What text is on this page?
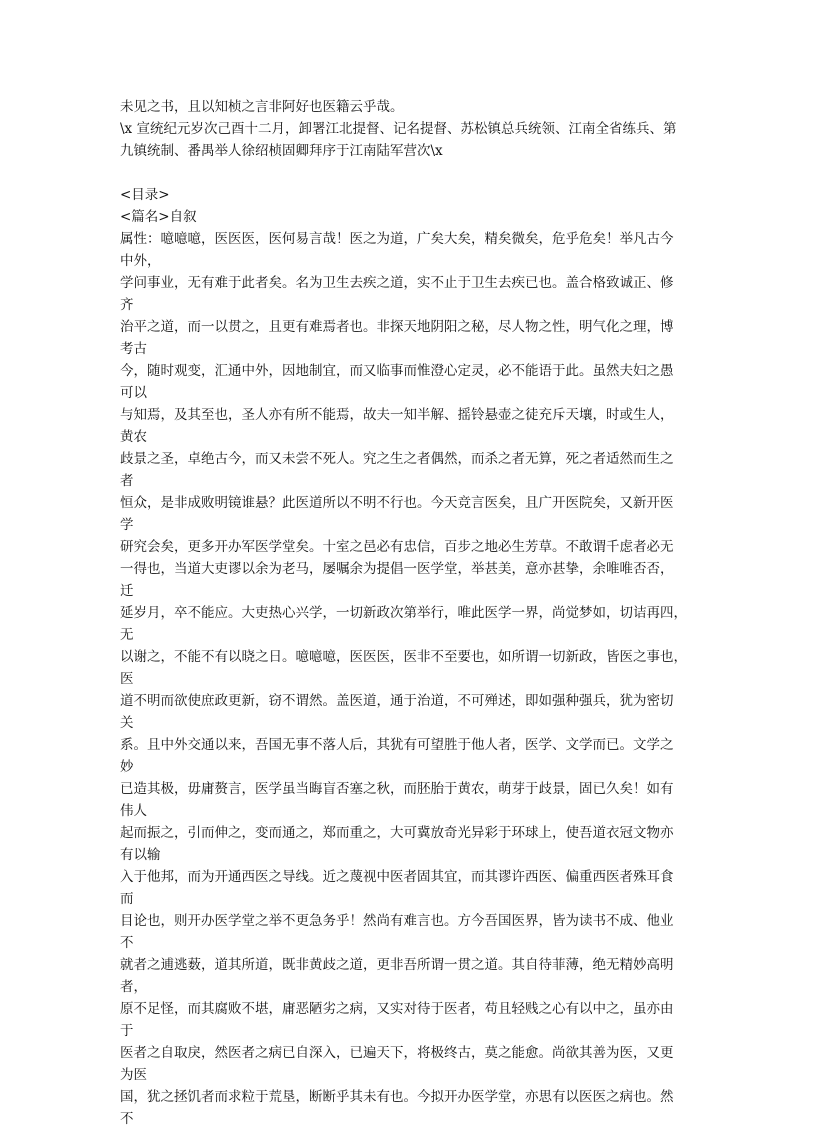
未见之书，且以知桢之言非阿好也医籍云乎哉。
\x 宣统纪元岁次己酉十二月，卸署江北提督、记名提督、苏松镇总兵统领、江南全省练兵、第
九镇统制、番禺举人徐绍桢固卿拜序于江南陆军营次\x
<目录>
<篇名>自叙
属性：噫噫噫，医医医，医何易言哉！医之为道，广矣大矣，精矣微矣，危乎危矣！举凡古今
中外，
学问事业，无有难于此者矣。名为卫生去疾之道，实不止于卫生去疾已也。盖合格致诚正、修
齐
治平之道，而一以贯之，且更有难焉者也。非探天地阴阳之秘，尽人物之性，明气化之理，博
考古
今，随时观变，汇通中外，因地制宜，而又临事而惟澄心定灵，必不能语于此。虽然夫妇之愚
可以
与知焉，及其至也，圣人亦有所不能焉，故夫一知半解、摇铃悬壶之徒充斥天壤，时或生人，
黄农
歧景之圣，卓绝古今，而又未尝不死人。究之生之者偶然，而杀之者无算，死之者适然而生之
者
恒众，是非成败明镜谁悬？此医道所以不明不行也。今天竞言医矣，且广开医院矣，又新开医
学
研究会矣，更多开办军医学堂矣。十室之邑必有忠信，百步之地必生芳草。不敢谓千虑者必无
一得也，当道大吏谬以余为老马，屡嘱余为提倡一医学堂，举甚美，意亦甚挚，余唯唯否否，
迁
延岁月，卒不能应。大吏热心兴学，一切新政次第举行，唯此医学一界，尚觉梦如，切诘再四，
无
以谢之，不能不有以晓之日。噫噫噫，医医医，医非不至要也，如所谓一切新政，皆医之事也，
医
道不明而欲使庶政更新，窃不谓然。盖医道，通于治道，不可殚述，即如强种强兵，犹为密切
关
系。且中外交通以来，吾国无事不落人后，其犹有可望胜于他人者，医学、文学而已。文学之
妙
已造其极，毋庸赘言，医学虽当晦盲否塞之秋，而胚胎于黄农，萌芽于歧景，固已久矣！如有
伟人
起而振之，引而伸之，变而通之，郑而重之，大可冀放奇光异彩于环球上，使吾道衣冠文物亦
有以输
入于他邦，而为开通西医之导线。近之蔑视中医者固其宜，而其谬许西医、偏重西医者殊耳食
而
目论也，则开办医学堂之举不更急务乎！然尚有难言也。方今吾国医界，皆为读书不成、他业
不
就者之逋逃薮，道其所道，既非黄歧之道，更非吾所谓一贯之道。其自待菲薄，绝无精妙高明
者，
原不足怪，而其腐败不堪，庸恶陋劣之病，又实对待于医者，苟且轻贱之心有以中之，虽亦由
于
医者之自取戾，然医者之病已自深入，已遍天下，将极终古，莫之能愈。尚欲其善为医，又更
为医
国，犹之拯饥者而求粒于荒垦，断断乎其未有也。今拟开办医学堂，亦思有以医医之病也。然
不
